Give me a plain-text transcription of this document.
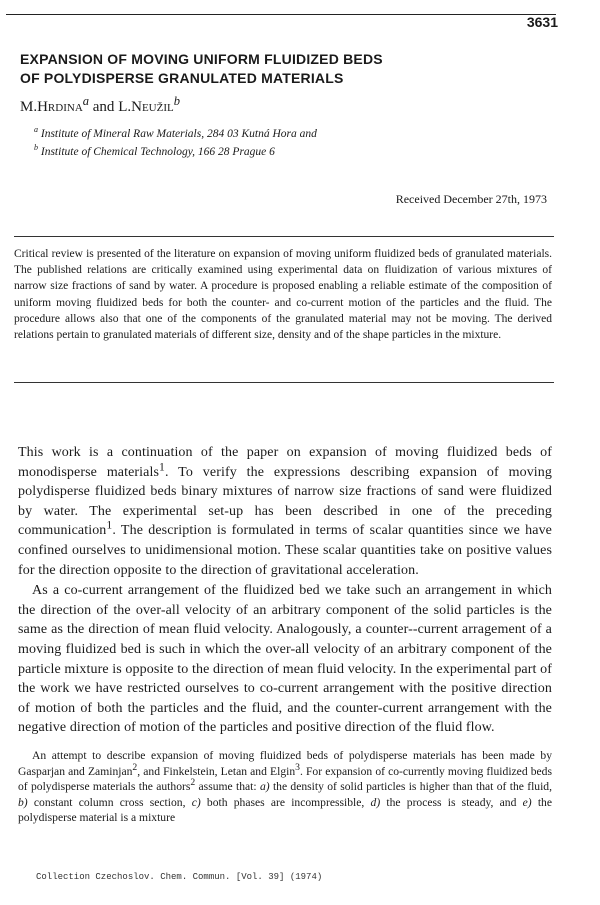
3631
EXPANSION OF MOVING UNIFORM FLUIDIZED BEDS
OF POLYDISPERSE GRANULATED MATERIALS
M.Hrdina$^a$ and L.Neužil$^b$
$^a$ Institute of Mineral Raw Materials, 284 03 Kutná Hora and
$^b$ Institute of Chemical Technology, 166 28 Prague 6
Received December 27th, 1973

Critical review is presented of the literature on expansion of moving uniform fluidized beds of granulated materials. The published relations are critically examined using experimental data on fluidization of various mixtures of narrow size fractions of sand by water. A procedure is proposed enabling a reliable estimate of the composition of uniform moving fluidized beds for both the counter- and co-current motion of the particles and the fluid. The procedure allows also that one of the components of the granulated material may not be moving. The derived relations pertain to granulated materials of different size, density and of the shape particles in the mixture.

This work is a continuation of the paper on expansion of moving fluidized beds of monodisperse materials$^1$. To verify the expressions describing expansion of moving polydisperse fluidized beds binary mixtures of narrow size fractions of sand were fluidized by water. The experimental set-up has been described in one of the preceding communication$^1$. The description is formulated in terms of scalar quantities since we have confined ourselves to unidimensional motion. These scalar quantities take on positive values for the direction opposite to the direction of gravitational acceleration.

As a co-current arrangement of the fluidized bed we take such an arrangement in which the direction of the over-all velocity of an arbitrary component of the solid particles is the same as the direction of mean fluid velocity. Analogously, a counter--current arragement of a moving fluidized bed is such in which the over-all velocity of an arbitrary component of the particle mixture is opposite to the direction of mean fluid velocity. In the experimental part of the work we have restricted ourselves to co-current arrangement with the positive direction of motion of both the particles and the fluid, and the counter-current arrangement with the negative direction of motion of the particles and positive direction of the fluid flow.

An attempt to describe expansion of moving fluidized beds of polydisperse materials has been made by Gasparjan and Zaminjan$^2$, and Finkelstein, Letan and Elgin$^3$. For expansion of co-currently moving fluidized beds of polydisperse materials the authors$^2$ assume that: a) the density of solid particles is higher than that of the fluid, b) constant column cross section, c) both phases are incompressible, d) the process is steady, and e) the polydisperse material is a mixture

Collection Czechoslov. Chem. Commun. [Vol. 39] (1974)
